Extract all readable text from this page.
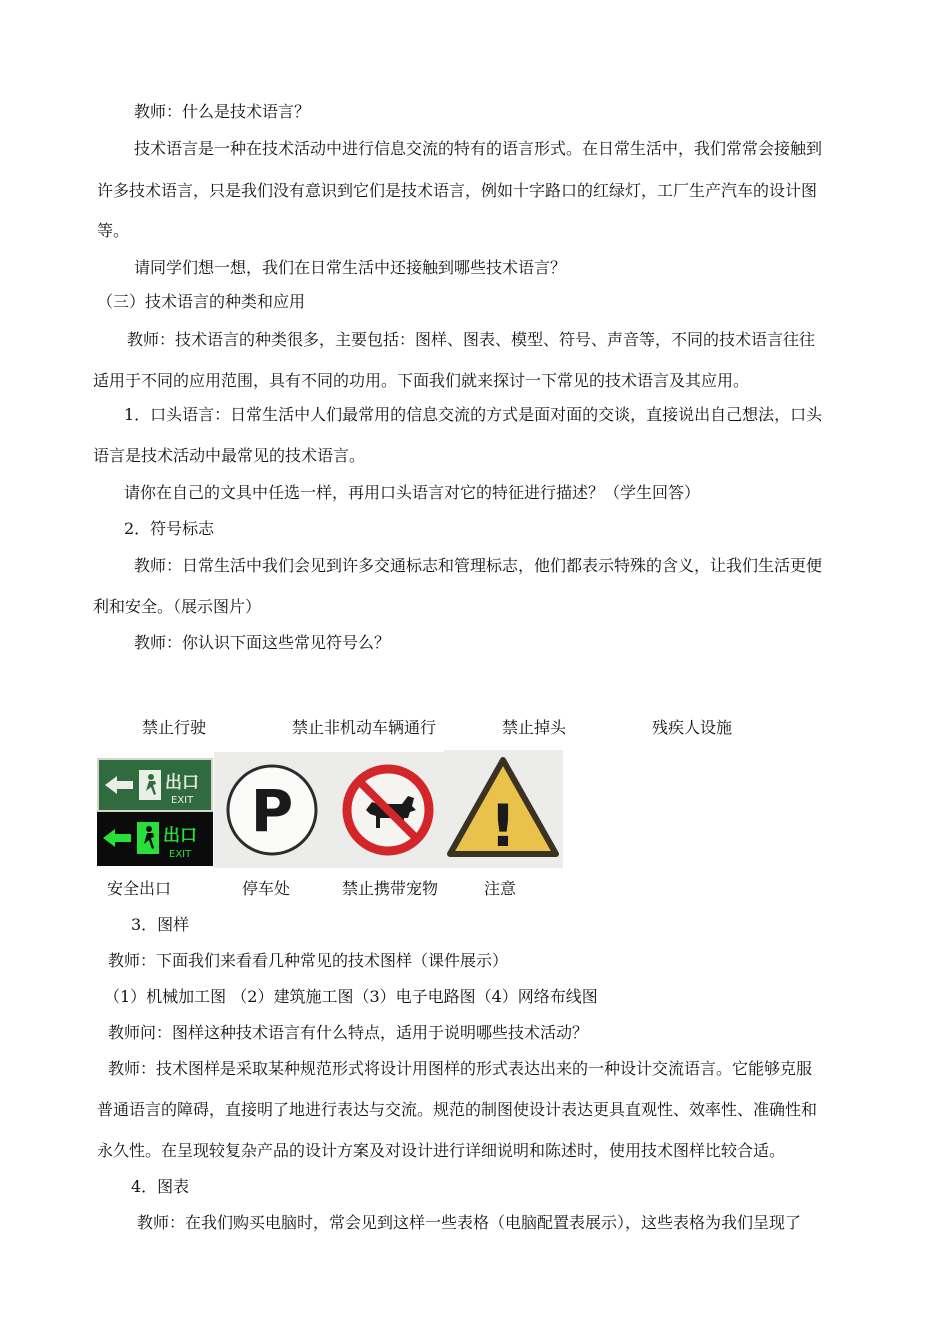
教师：什么是技术语言？
技术语言是一种在技术活动中进行信息交流的特有的语言形式。在日常生活中，我们常常会接触到
许多技术语言，只是我们没有意识到它们是技术语言，例如十字路口的红绿灯，工厂生产汽车的设计图
等。
请同学们想一想，我们在日常生活中还接触到哪些技术语言？
（三）技术语言的种类和应用
教师：技术语言的种类很多，主要包括：图样、图表、模型、符号、声音等，不同的技术语言往往
适用于不同的应用范围，具有不同的功用。下面我们就来探讨一下常见的技术语言及其应用。
1．口头语言：日常生活中人们最常用的信息交流的方式是面对面的交谈，直接说出自己想法，口头
语言是技术活动中最常见的技术语言。
请你在自己的文具中任选一样，再用口头语言对它的特征进行描述？（学生回答）
2．符号标志
教师：日常生活中我们会见到许多交通标志和管理标志，他们都表示特殊的含义，让我们生活更便
利和安全。（展示图片）
教师：你认识下面这些常见符号么？
禁止行驶	禁止非机动车辆通行	禁止掉头	残疾人设施
出口
EXIT
出口
EXIT
P	!
安全出口	停车处	禁止携带宠物	注意
3．图样
教师：下面我们来看看几种常见的技术图样（课件展示）
（1）机械加工图 （2）建筑施工图（3）电子电路图（4）网络布线图
教师问：图样这种技术语言有什么特点，适用于说明哪些技术活动？
教师：技术图样是采取某种规范形式将设计用图样的形式表达出来的一种设计交流语言。它能够克服
普通语言的障碍，直接明了地进行表达与交流。规范的制图使设计表达更具直观性、效率性、准确性和
永久性。在呈现较复杂产品的设计方案及对设计进行详细说明和陈述时，使用技术图样比较合适。
4．图表
教师：在我们购买电脑时，常会见到这样一些表格（电脑配置表展示），这些表格为我们呈现了
